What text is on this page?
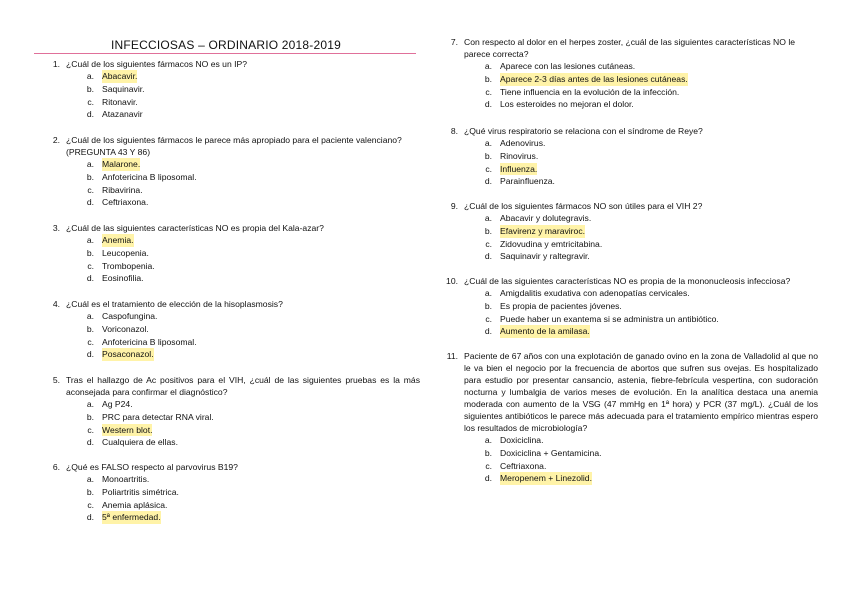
INFECCIOSAS – ORDINARIO 2018-2019
1. ¿Cuál de los siguientes fármacos NO es un IP?
a. Abacavir.
b. Saquinavir.
c. Ritonavir.
d. Atazanavir
2. ¿Cuál de los siguientes fármacos le parece más apropiado para el paciente valenciano? (PREGUNTA 43 Y 86)
a. Malarone.
b. Anfotericina B liposomal.
c. Ribavirina.
d. Ceftriaxona.
3. ¿Cuál de las siguientes características NO es propia del Kala-azar?
a. Anemia.
b. Leucopenia.
c. Trombopenia.
d. Eosinofilia.
4. ¿Cuál es el tratamiento de elección de la hisoplasmosis?
a. Caspofungina.
b. Voriconazol.
c. Anfotericina B liposomal.
d. Posaconazol.
5. Tras el hallazgo de Ac positivos para el VIH, ¿cuál de las siguientes pruebas es la más aconsejada para confirmar el diagnóstico?
a. Ag P24.
b. PRC para detectar RNA viral.
c. Western blot.
d. Cualquiera de ellas.
6. ¿Qué es FALSO respecto al parvovirus B19?
a. Monoartritis.
b. Poliartritis simétrica.
c. Anemia aplásica.
d. 5ª enfermedad.
7. Con respecto al dolor en el herpes zoster, ¿cuál de las siguientes características NO le parece correcta?
a. Aparece con las lesiones cutáneas.
b. Aparece 2-3 días antes de las lesiones cutáneas.
c. Tiene influencia en la evolución de la infección.
d. Los esteroides no mejoran el dolor.
8. ¿Qué virus respiratorio se relaciona con el síndrome de Reye?
a. Adenovirus.
b. Rinovirus.
c. Influenza.
d. Parainfluenza.
9. ¿Cuál de los siguientes fármacos NO son útiles para el VIH 2?
a. Abacavir y dolutegravis.
b. Efavirenz y maraviroc.
c. Zidovudina y emtricitabina.
d. Saquinavir y raltegravir.
10. ¿Cuál de las siguientes características NO es propia de la mononucleosis infecciosa?
a. Amigdalitis exudativa con adenopatías cervicales.
b. Es propia de pacientes jóvenes.
c. Puede haber un exantema si se administra un antibiótico.
d. Aumento de la amilasa.
11. Paciente de 67 años con una explotación de ganado ovino en la zona de Valladolid al que no le va bien el negocio por la frecuencia de abortos que sufren sus ovejas. Es hospitalizado para estudio por presentar cansancio, astenia, fiebre-febrícula vespertina, con sudoración nocturna y lumbalgia de varios meses de evolución. En la analítica destaca una anemia moderada con aumento de la VSG (47 mmHg en 1ª hora) y PCR (37 mg/L). ¿Cuál de los siguientes antibióticos le parece más adecuada para el tratamiento empírico mientras espero los resultados de microbiología?
a. Doxiciclina.
b. Doxiciclina + Gentamicina.
c. Ceftriaxona.
d. Meropenem + Linezolid.
